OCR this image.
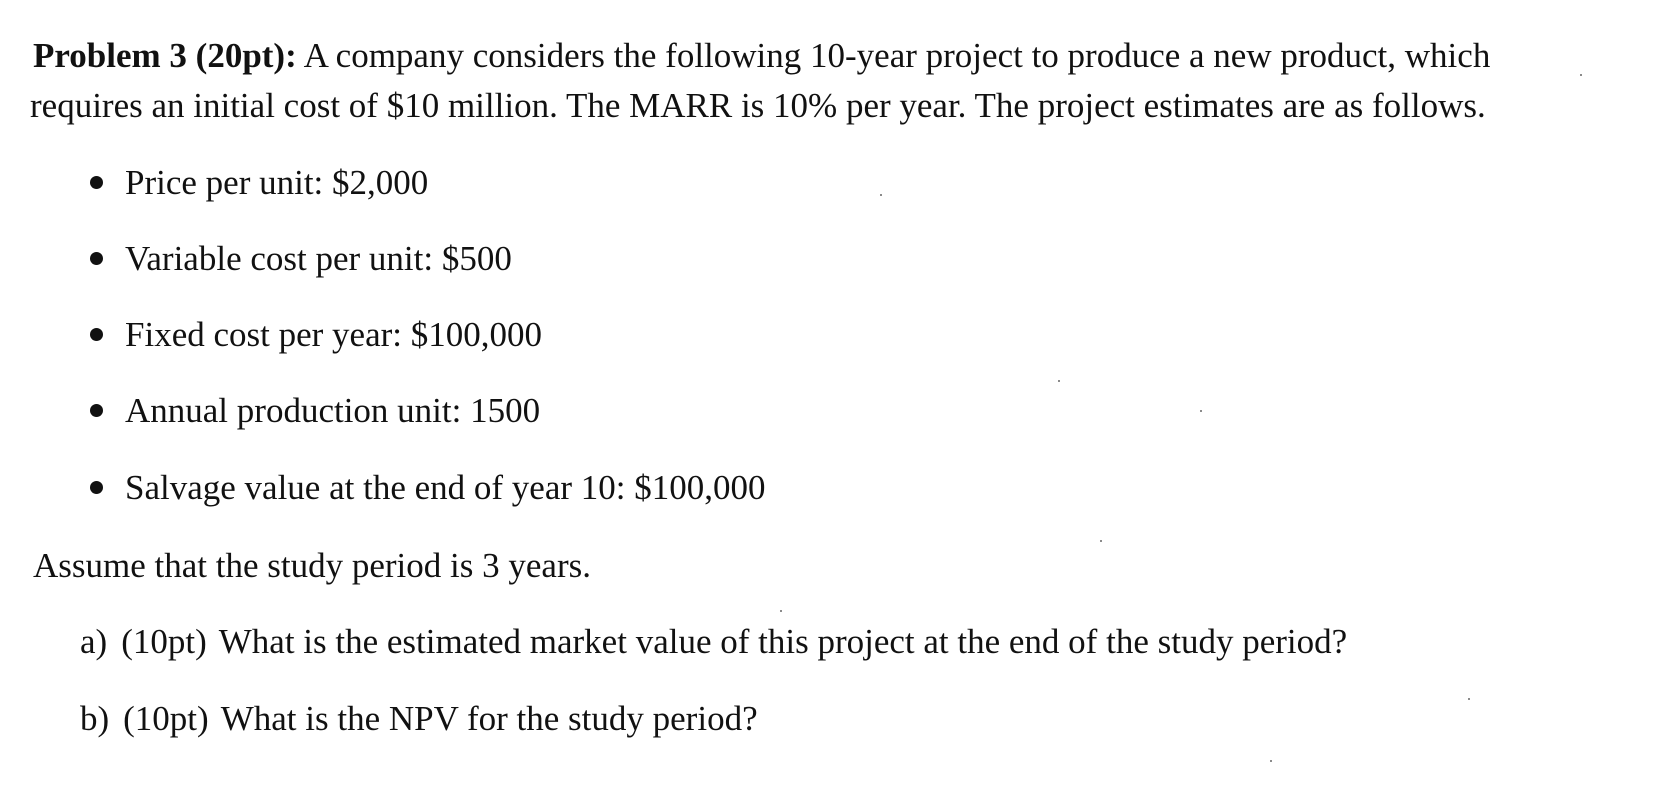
Problem 3 (20pt): A company considers the following 10-year project to produce a new product, which
requires an initial cost of $10 million. The MARR is 10% per year. The project estimates are as follows.
Price per unit: $2,000
Variable cost per unit: $500
Fixed cost per year: $100,000
Annual production unit: 1500
Salvage value at the end of year 10: $100,000
Assume that the study period is 3 years.
a) (10pt) What is the estimated market value of this project at the end of the study period?
b) (10pt) What is the NPV for the study period?
